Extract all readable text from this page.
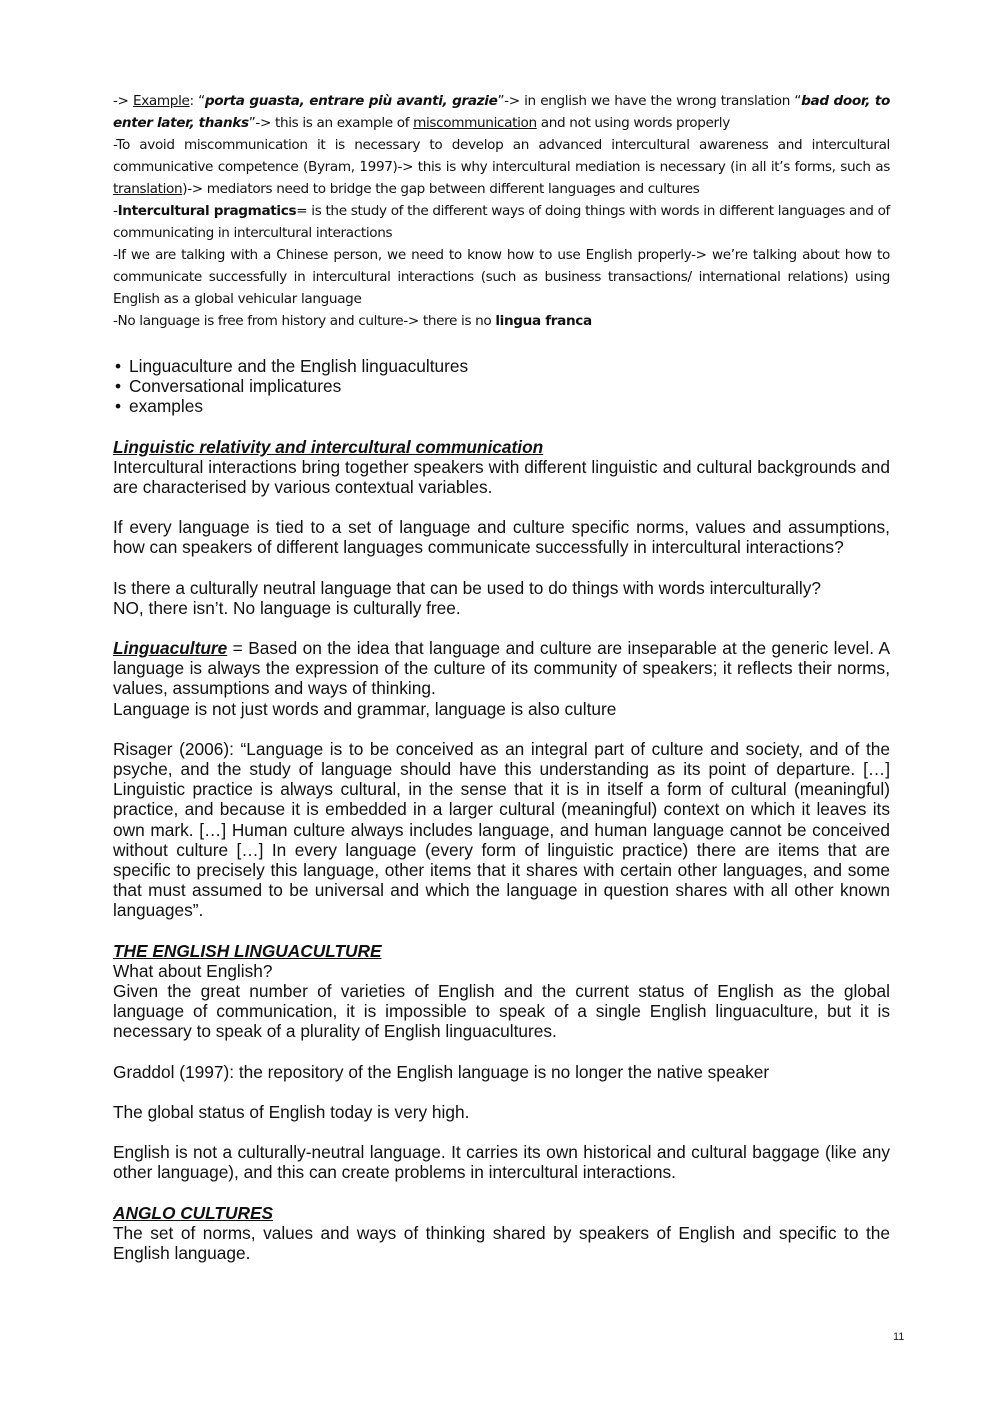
-> Example: “porta guasta, entrare più avanti, grazie”-> in english we have the wrong translation “bad door, to enter later, thanks”-> this is an example of miscommunication and not using words properly

-To avoid miscommunication it is necessary to develop an advanced intercultural awareness and intercultural communicative competence (Byram, 1997)-> this is why intercultural mediation is necessary (in all it’s forms, such as translation)-> mediators need to bridge the gap between different languages and cultures

-Intercultural pragmatics= is the study of the different ways of doing things with words in different languages and of communicating in intercultural interactions

-If we are talking with a Chinese person, we need to know how to use English properly-> we’re talking about how to communicate successfully in intercultural interactions (such as business transactions/ international relations) using English as a global vehicular language

-No language is free from history and culture-> there is no lingua franca

• Linguaculture and the English linguacultures
• Conversational implicatures
• examples

Linguistic relativity and intercultural communication

Intercultural interactions bring together speakers with different linguistic and cultural backgrounds and are characterised by various contextual variables.

If every language is tied to a set of language and culture specific norms, values and assumptions, how can speakers of different languages communicate successfully in intercultural interactions?

Is there a culturally neutral language that can be used to do things with words interculturally?

NO, there isn’t. No language is culturally free.

Linguaculture = Based on the idea that language and culture are inseparable at the generic level. A language is always the expression of the culture of its community of speakers; it reflects their norms, values, assumptions and ways of thinking.

Language is not just words and grammar, language is also culture

Risager (2006): “Language is to be conceived as an integral part of culture and society, and of the psyche, and the study of language should have this understanding as its point of departure. […] Linguistic practice is always cultural, in the sense that it is in itself a form of cultural (meaningful) practice, and because it is embedded in a larger cultural (meaningful) context on which it leaves its own mark. […] Human culture always includes language, and human language cannot be conceived without culture […] In every language (every form of linguistic practice) there are items that are specific to precisely this language, other items that it shares with certain other languages, and some that must assumed to be universal and which the language in question shares with all other known languages”.

THE ENGLISH LINGUACULTURE

What about English?

Given the great number of varieties of English and the current status of English as the global language of communication, it is impossible to speak of a single English linguaculture, but it is necessary to speak of a plurality of English linguacultures.

Graddol (1997): the repository of the English language is no longer the native speaker

The global status of English today is very high.

English is not a culturally-neutral language. It carries its own historical and cultural baggage (like any other language), and this can create problems in intercultural interactions.

ANGLO CULTURES

The set of norms, values and ways of thinking shared by speakers of English and specific to the English language.

11
